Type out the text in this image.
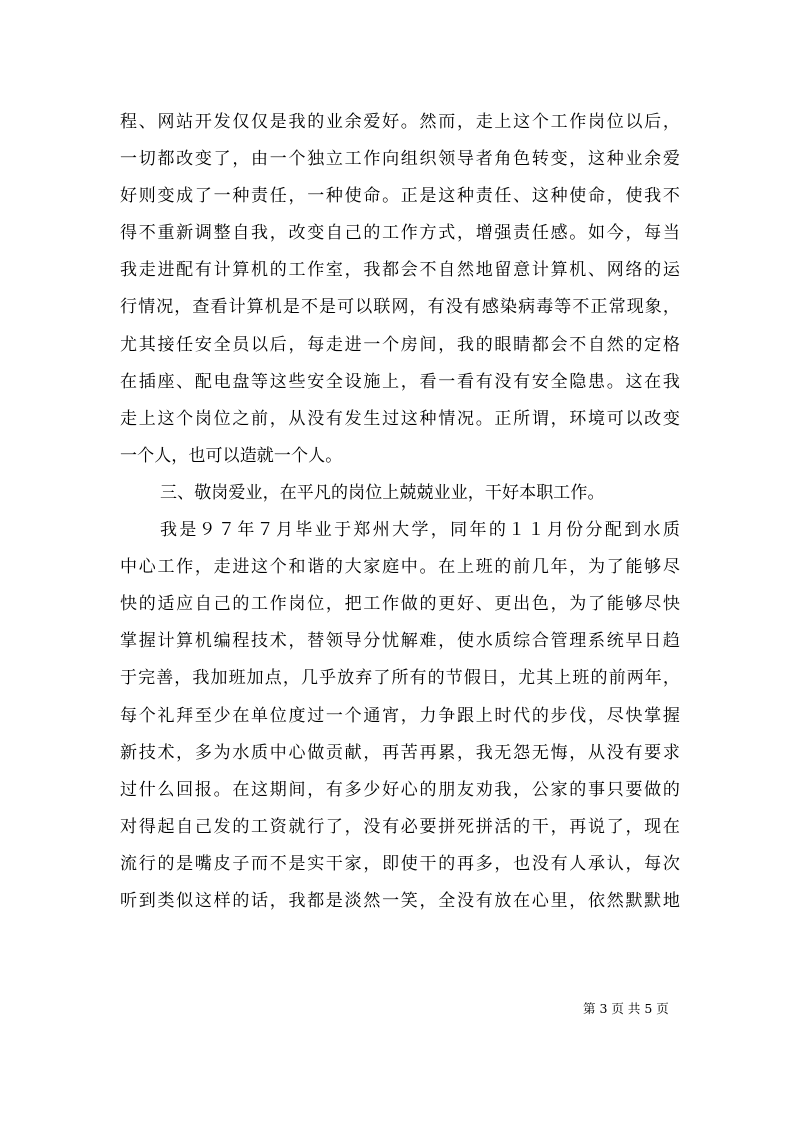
程、网站开发仅仅是我的业余爱好。然而，走上这个工作岗位以后，
一切都改变了，由一个独立工作向组织领导者角色转变，这种业余爱
好则变成了一种责任，一种使命。正是这种责任、这种使命，使我不
得不重新调整自我，改变自己的工作方式，增强责任感。如今，每当
我走进配有计算机的工作室，我都会不自然地留意计算机、网络的运
行情况，查看计算机是不是可以联网，有没有感染病毒等不正常现象，
尤其接任安全员以后，每走进一个房间，我的眼睛都会不自然的定格
在插座、配电盘等这些安全设施上，看一看有没有安全隐患。这在我
走上这个岗位之前，从没有发生过这种情况。正所谓，环境可以改变
一个人，也可以造就一个人。
三、敬岗爱业，在平凡的岗位上兢兢业业，干好本职工作。
我是９７年７月毕业于郑州大学，同年的１１月份分配到水质
中心工作，走进这个和谐的大家庭中。在上班的前几年，为了能够尽
快的适应自己的工作岗位，把工作做的更好、更出色，为了能够尽快
掌握计算机编程技术，替领导分忧解难，使水质综合管理系统早日趋
于完善，我加班加点，几乎放弃了所有的节假日，尤其上班的前两年，
每个礼拜至少在单位度过一个通宵，力争跟上时代的步伐，尽快掌握
新技术，多为水质中心做贡献，再苦再累，我无怨无悔，从没有要求
过什么回报。在这期间，有多少好心的朋友劝我，公家的事只要做的
对得起自己发的工资就行了，没有必要拼死拼活的干，再说了，现在
流行的是嘴皮子而不是实干家，即使干的再多，也没有人承认，每次
听到类似这样的话，我都是淡然一笑，全没有放在心里，依然默默地
第 3 页 共 5 页
